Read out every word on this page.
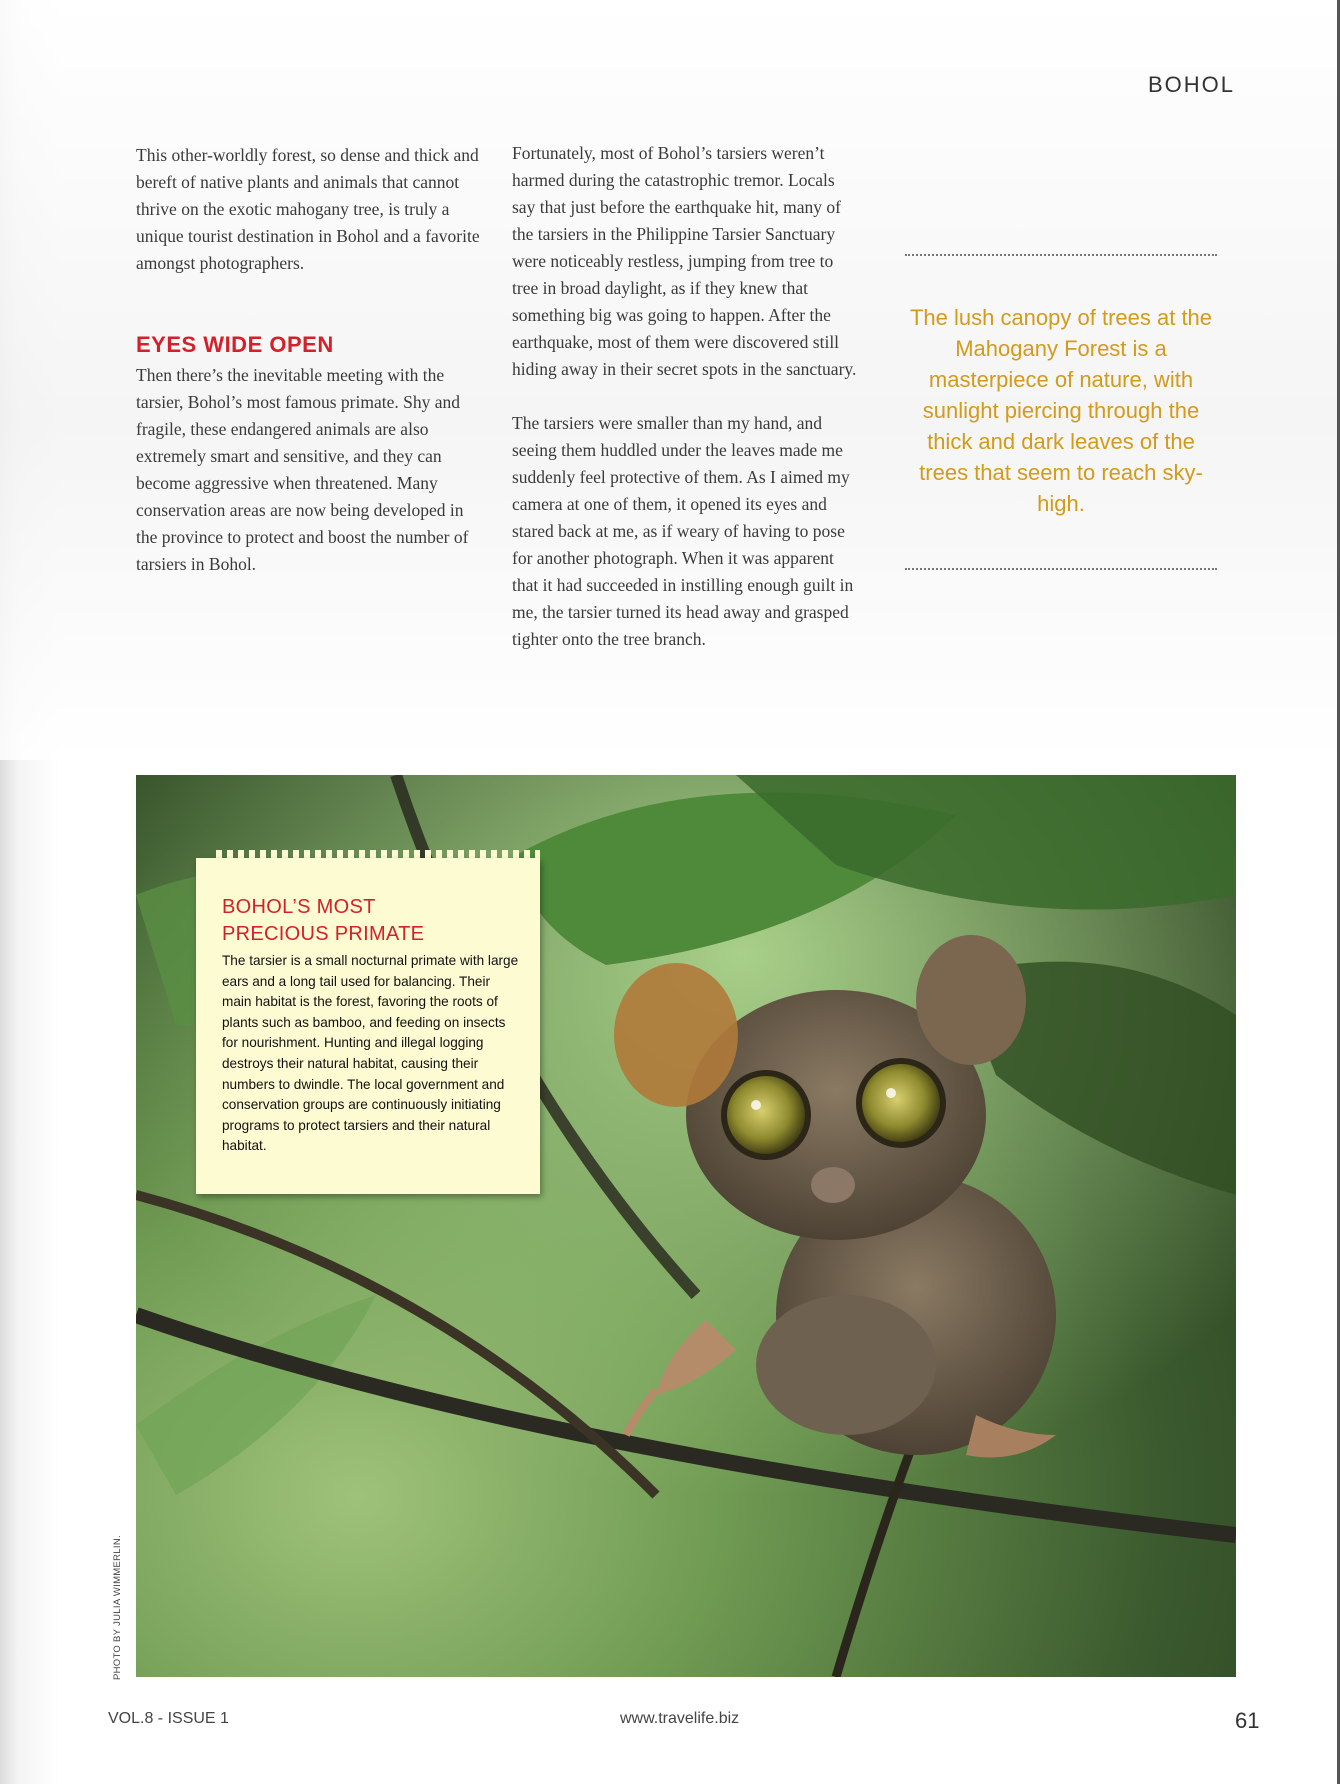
BOHOL

This other-worldly forest, so dense and thick and bereft of native plants and animals that cannot thrive on the exotic mahogany tree, is truly a unique tourist destination in Bohol and a favorite amongst photographers.

EYES WIDE OPEN

Then there’s the inevitable meeting with the tarsier, Bohol’s most famous primate. Shy and fragile, these endangered animals are also extremely smart and sensitive, and they can become aggressive when threatened. Many conservation areas are now being developed in the province to protect and boost the number of tarsiers in Bohol.

Fortunately, most of Bohol’s tarsiers weren’t harmed during the catastrophic tremor. Locals say that just before the earthquake hit, many of the tarsiers in the Philippine Tarsier Sanctuary were noticeably restless, jumping from tree to tree in broad daylight, as if they knew that something big was going to happen. After the earthquake, most of them were discovered still hiding away in their secret spots in the sanctuary.

The tarsiers were smaller than my hand, and seeing them huddled under the leaves made me suddenly feel protective of them. As I aimed my camera at one of them, it opened its eyes and stared back at me, as if weary of having to pose for another photograph. When it was apparent that it had succeeded in instilling enough guilt in me, the tarsier turned its head away and grasped tighter onto the tree branch.

The lush canopy of trees at the Mahogany Forest is a masterpiece of nature, with sunlight piercing through the thick and dark leaves of the trees that seem to reach sky-high.
PHOTO BY JULIA WIMMERLIN.
BOHOL’S MOST
PRECIOUS PRIMATE
The tarsier is a small nocturnal primate with large ears and a long tail used for balancing. Their main habitat is the forest, favoring the roots of plants such as bamboo, and feeding on insects for nourishment. Hunting and illegal logging destroys their natural habitat, causing their numbers to dwindle. The local government and conservation groups are continuously initiating programs to protect tarsiers and their natural habitat.
VOL.8 - ISSUE 1	www.travelife.biz	61
